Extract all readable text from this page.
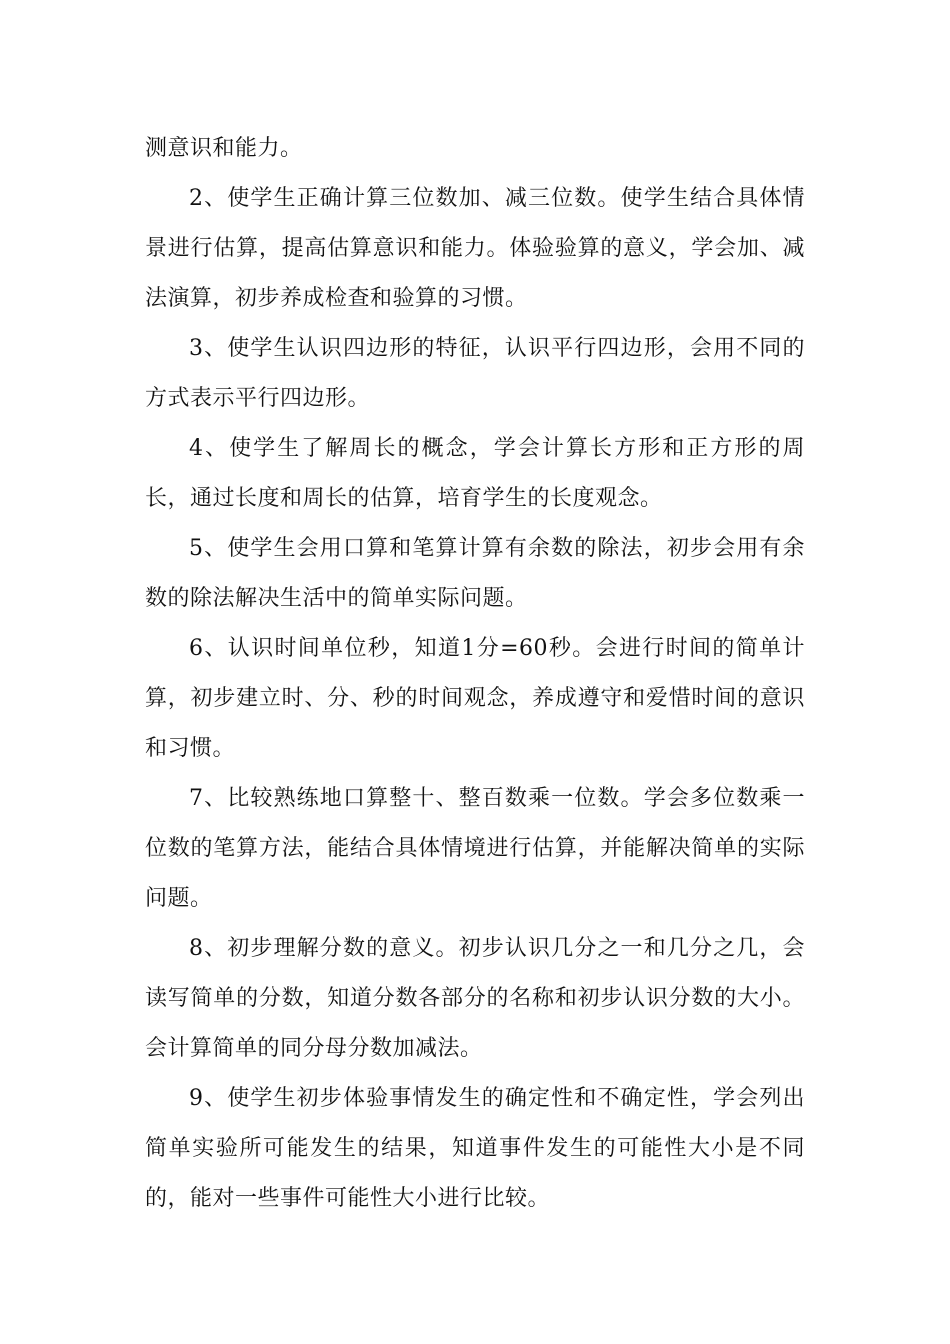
测意识和能力。

2、使学生正确计算三位数加、减三位数。使学生结合具体情景进行估算，提高估算意识和能力。体验验算的意义，学会加、减法演算，初步养成检查和验算的习惯。

3、使学生认识四边形的特征，认识平行四边形，会用不同的方式表示平行四边形。

4、使学生了解周长的概念，学会计算长方形和正方形的周长，通过长度和周长的估算，培育学生的长度观念。

5、使学生会用口算和笔算计算有余数的除法，初步会用有余数的除法解决生活中的简单实际问题。

6、认识时间单位秒，知道1分=60秒。会进行时间的简单计算，初步建立时、分、秒的时间观念，养成遵守和爱惜时间的意识和习惯。

7、比较熟练地口算整十、整百数乘一位数。学会多位数乘一位数的笔算方法，能结合具体情境进行估算，并能解决简单的实际问题。

8、初步理解分数的意义。初步认识几分之一和几分之几，会读写简单的分数，知道分数各部分的名称和初步认识分数的大小。会计算简单的同分母分数加减法。

9、使学生初步体验事情发生的确定性和不确定性，学会列出简单实验所可能发生的结果，知道事件发生的可能性大小是不同的，能对一些事件可能性大小进行比较。
